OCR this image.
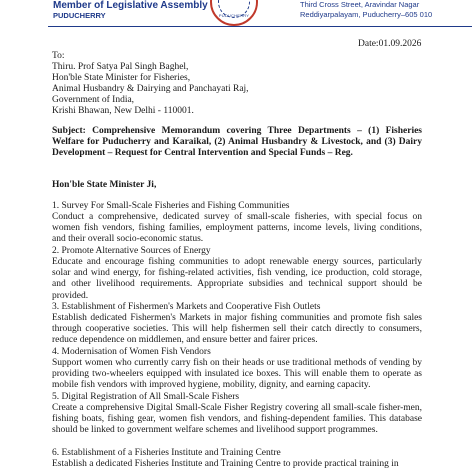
Member of Legislative Assembly
PUDUCHERRY	PUDUCHERRY
Third Cross Street, Aravindar Nagar
Reddiyarpalayam, Puducherry–605 010
Date:01.09.2026
To:
Thiru. Prof Satya Pal Singh Baghel,
Hon'ble State Minister for Fisheries,
Animal Husbandry & Dairying and Panchayati Raj,
Government of India,
Krishi Bhawan, New Delhi - 110001.
Subject: Comprehensive Memorandum covering Three Departments – (1) Fisheries Welfare for Puducherry and Karaikal, (2) Animal Husbandry & Livestock, and (3) Dairy Development – Request for Central Intervention and Special Funds – Reg.
Hon'ble State Minister Ji,
1. Survey For Small-Scale Fisheries and Fishing Communities
Conduct a comprehensive, dedicated survey of small-scale fisheries, with special focus on women fish vendors, fishing families, employment patterns, income levels, living conditions, and their overall socio-economic status.
2. Promote Alternative Sources of Energy
Educate and encourage fishing communities to adopt renewable energy sources, particularly solar and wind energy, for fishing-related activities, fish vending, ice production, cold storage, and other livelihood requirements. Appropriate subsidies and technical support should be provided.
3. Establishment of Fishermen's Markets and Cooperative Fish Outlets
Establish dedicated Fishermen's Markets in major fishing communities and promote fish sales through cooperative societies. This will help fishermen sell their catch directly to consumers, reduce dependence on middlemen, and ensure better and fairer prices.
4. Modernisation of Women Fish Vendors
Support women who currently carry fish on their heads or use traditional methods of vending by providing two-wheelers equipped with insulated ice boxes. This will enable them to operate as mobile fish vendors with improved hygiene, mobility, dignity, and earning capacity.
5. Digital Registration of All Small-Scale Fishers
Create a comprehensive Digital Small-Scale Fisher Registry covering all small-scale fisher-men, fishing boats, fishing gear, women fish vendors, and fishing-dependent families. This database should be linked to government welfare schemes and livelihood support programmes.
6. Establishment of a Fisheries Institute and Training Centre
Establish a dedicated Fisheries Institute and Training Centre to provide practical training in
